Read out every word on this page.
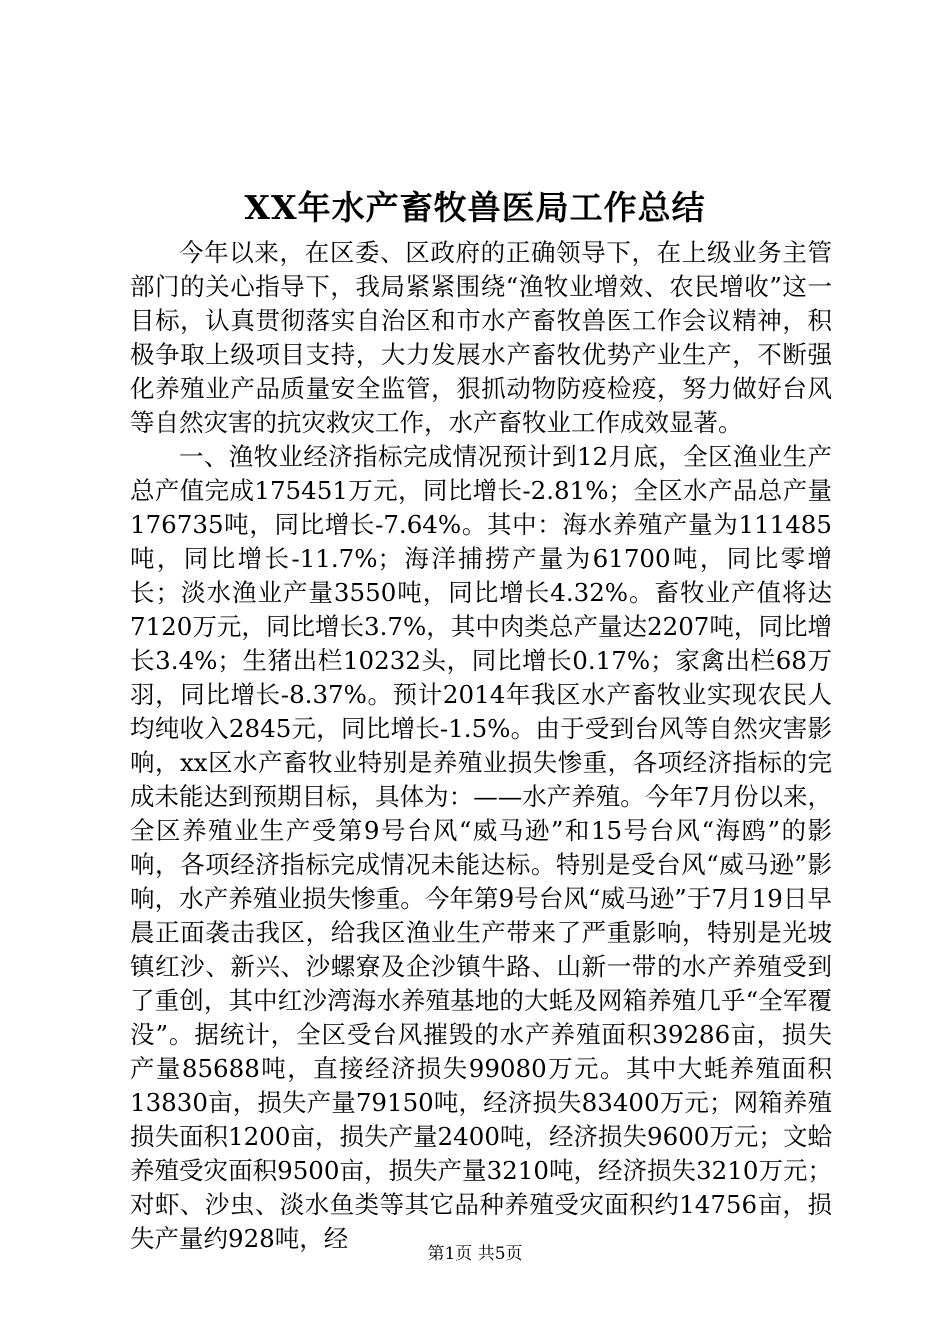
XX年水产畜牧兽医局工作总结

今年以来，在区委、区政府的正确领导下，在上级业务主管部门的关心指导下，我局紧紧围绕“渔牧业增效、农民增收”这一目标，认真贯彻落实自治区和市水产畜牧兽医工作会议精神，积极争取上级项目支持，大力发展水产畜牧优势产业生产，不断强化养殖业产品质量安全监管，狠抓动物防疫检疫，努力做好台风等自然灾害的抗灾救灾工作，水产畜牧业工作成效显著。

一、渔牧业经济指标完成情况预计到12月底，全区渔业生产总产值完成175451万元，同比增长-2.81%；全区水产品总产量176735吨，同比增长-7.64%。其中：海水养殖产量为111485吨，同比增长-11.7%；海洋捕捞产量为61700吨，同比零增长；淡水渔业产量3550吨，同比增长4.32%。畜牧业产值将达7120万元，同比增长3.7%，其中肉类总产量达2207吨，同比增长3.4%；生猪出栏10232头，同比增长0.17%；家禽出栏68万羽，同比增长-8.37%。预计2014年我区水产畜牧业实现农民人均纯收入2845元，同比增长-1.5%。由于受到台风等自然灾害影响，xx区水产畜牧业特别是养殖业损失惨重，各项经济指标的完成未能达到预期目标，具体为：——水产养殖。今年7月份以来，全区养殖业生产受第9号台风“威马逊”和15号台风“海鸥”的影响，各项经济指标完成情况未能达标。特别是受台风“威马逊”影响，水产养殖业损失惨重。今年第9号台风“威马逊”于7月19日早晨正面袭击我区，给我区渔业生产带来了严重影响，特别是光坡镇红沙、新兴、沙螺寮及企沙镇牛路、山新一带的水产养殖受到了重创，其中红沙湾海水养殖基地的大蚝及网箱养殖几乎“全军覆没”。据统计，全区受台风摧毁的水产养殖面积39286亩，损失产量85688吨，直接经济损失99080万元。其中大蚝养殖面积13830亩，损失产量79150吨，经济损失83400万元；网箱养殖损失面积1200亩，损失产量2400吨，经济损失9600万元；文蛤养殖受灾面积9500亩，损失产量3210吨，经济损失3210万元；对虾、沙虫、淡水鱼类等其它品种养殖受灾面积约14756亩，损失产量约928吨，经

第1页 共5页
